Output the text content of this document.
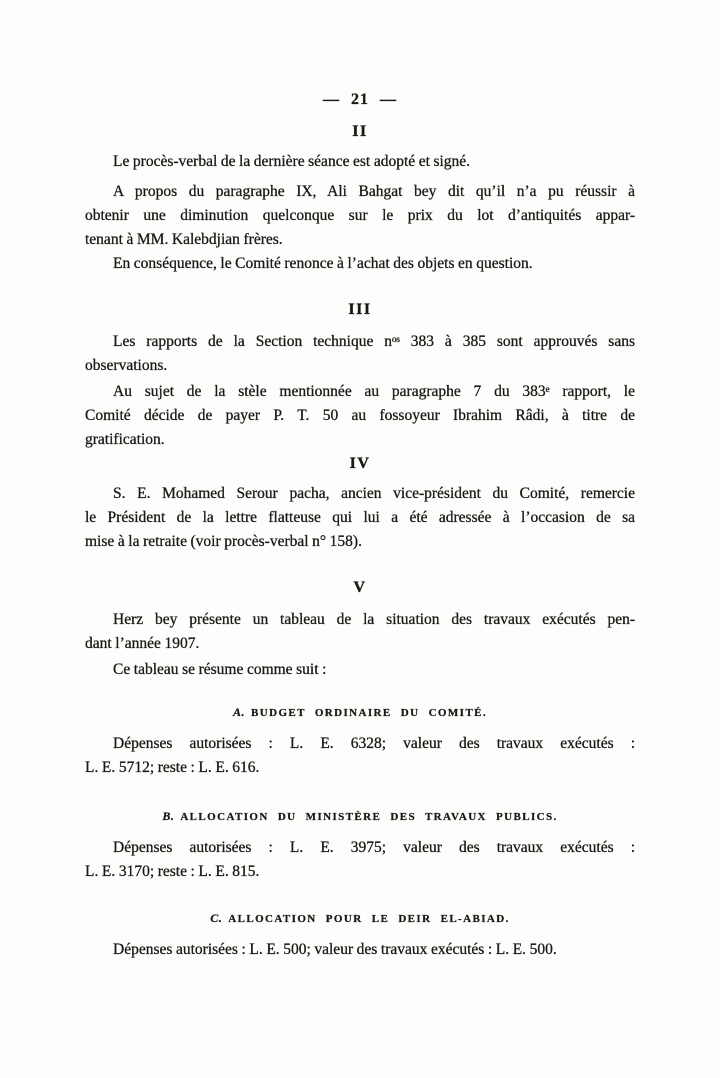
— 21 —
II
Le procès-verbal de la dernière séance est adopté et signé.
A propos du paragraphe IX, Ali Bahgat bey dit qu’il n’a pu réussir à
obtenir une diminution quelconque sur le prix du lot d’antiquités appar-
tenant à MM. Kalebdjian frères.
En conséquence, le Comité renonce à l’achat des objets en question.
III
Les rapports de la Section technique nᵒˢ 383 à 385 sont approuvés sans
observations.
Au sujet de la stèle mentionnée au paragraphe 7 du 383ᵉ rapport, le
Comité décide de payer P. T. 50 au fossoyeur Ibrahim Râdi, à titre de
gratification.
IV
S. E. Mohamed Serour pacha, ancien vice-président du Comité, remercie
le Président de la lettre flatteuse qui lui a été adressée à l’occasion de sa
mise à la retraite (voir procès-verbal n° 158).
V
Herz bey présente un tableau de la situation des travaux exécutés pen-
dant l’année 1907.
Ce tableau se résume comme suit :
A. BUDGET ORDINAIRE DU COMITÉ.
Dépenses autorisées : L. E. 6328; valeur des travaux exécutés :
L. E. 5712; reste : L. E. 616.
B. ALLOCATION DU MINISTÈRE DES TRAVAUX PUBLICS.
Dépenses autorisées : L. E. 3975; valeur des travaux exécutés :
L. E. 3170; reste : L. E. 815.
C. ALLOCATION POUR LE DEIR EL-ABIAD.
Dépenses autorisées : L. E. 500; valeur des travaux exécutés : L. E. 500.
